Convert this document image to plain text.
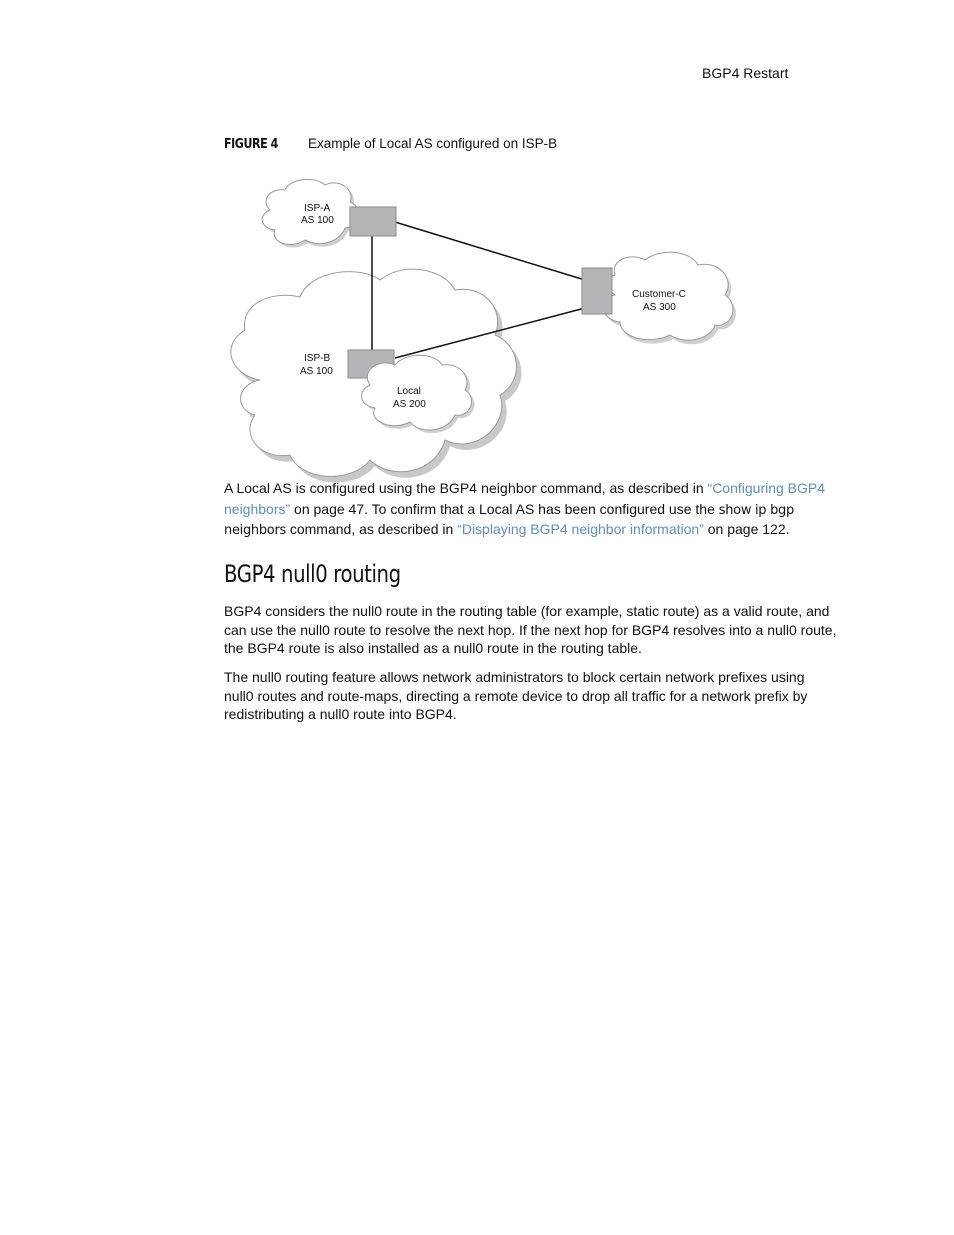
BGP4 Restart
FIGURE 4	Example of Local AS configured on ISP-B
ISP-A
AS 100
Customer-C
AS 300
ISP-B
AS 100
Local
AS 200

A Local AS is configured using the BGP4 neighbor command, as described in “Configuring BGP4
neighbors” on page 47. To confirm that a Local AS has been configured use the show ip bgp
neighbors command, as described in “Displaying BGP4 neighbor information” on page 122.

BGP4 null0 routing

BGP4 considers the null0 route in the routing table (for example, static route) as a valid route, and
can use the null0 route to resolve the next hop. If the next hop for BGP4 resolves into a null0 route,
the BGP4 route is also installed as a null0 route in the routing table.

The null0 routing feature allows network administrators to block certain network prefixes using
null0 routes and route-maps, directing a remote device to drop all traffic for a network prefix by
redistributing a null0 route into BGP4.
